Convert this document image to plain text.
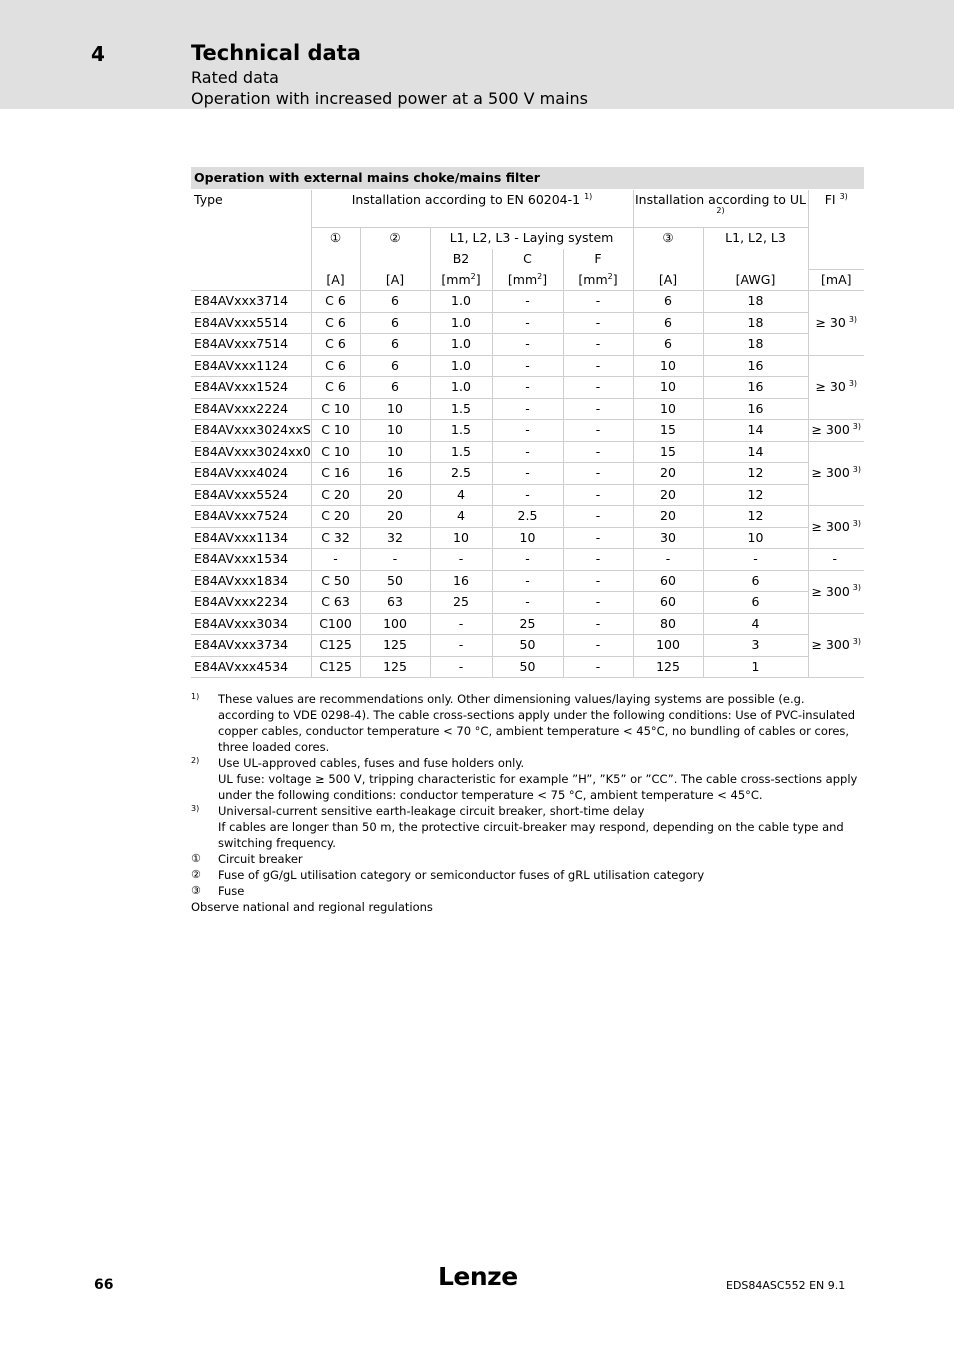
4	Technical data
Rated data
Operation with increased power at a 500 V mains
Operation with external mains choke/mains filter								
Type	Installation according to EN 60204-1 $^{1)}$					Installation according to UL $^{2)}$		FI $^{3)}$
	①	②	L1, L2, L3 - Laying system			③	L1, L2, L3	
			B2	C	F			
	[A]	[A]	$[mm^2]$	$[mm^2]$	$[mm^2]$	[A]	[AWG]	[mA]
E84AVxxx3714	C 6	6	1.0	-	-	6	18	≥ 30 $^{3)}$
E84AVxxx5514	C 6	6	1.0	-	-	6	18	
E84AVxxx7514	C 6	6	1.0	-	-	6	18	
E84AVxxx1124	C 6	6	1.0	-	-	10	16	≥ 30 $^{3)}$
E84AVxxx1524	C 6	6	1.0	-	-	10	16	
E84AVxxx2224	C 10	10	1.5	-	-	10	16	
E84AVxxx3024xxS	C 10	10	1.5	-	-	15	14	≥ 300 $^{3)}$
E84AVxxx3024xx0	C 10	10	1.5	-	-	15	14	≥ 300 $^{3)}$
E84AVxxx4024	C 16	16	2.5	-	-	20	12	
E84AVxxx5524	C 20	20	4	-	-	20	12	
E84AVxxx7524	C 20	20	4	2.5	-	20	12	≥ 300 $^{3)}$
E84AVxxx1134	C 32	32	10	10	-	30	10	
E84AVxxx1534	-	-	-	-	-	-	-	-
E84AVxxx1834	C 50	50	16	-	-	60	6	≥ 300 $^{3)}$
E84AVxxx2234	C 63	63	25	-	-	60	6	
E84AVxxx3034	C100	100	-	25	-	80	4	≥ 300 $^{3)}$
E84AVxxx3734	C125	125	-	50	-	100	3	
E84AVxxx4534	C125	125	-	50	-	125	1	
1)	These values are recommendations only. Other dimensioning values/laying systems are possible (e.g. according to VDE 0298-4). The cable cross-sections apply under the following conditions: Use of PVC-insulated copper cables, conductor temperature < 70 °C, ambient temperature < 45°C, no bundling of cables or cores, three loaded cores.
2)	Use UL-approved cables, fuses and fuse holders only.
UL fuse: voltage ≥ 500 V, tripping characteristic for example ”H”, ”K5” or ”CC”. The cable cross-sections apply under the following conditions: conductor temperature < 75 °C, ambient temperature < 45°C.
3)	Universal-current sensitive earth-leakage circuit breaker, short-time delay
If cables are longer than 50 m, the protective circuit-breaker may respond, depending on the cable type and switching frequency.
①	Circuit breaker
②	Fuse of gG/gL utilisation category or semiconductor fuses of gRL utilisation category
③	Fuse
Observe national and regional regulations
66	Lenze	EDS84ASC552 EN 9.1
